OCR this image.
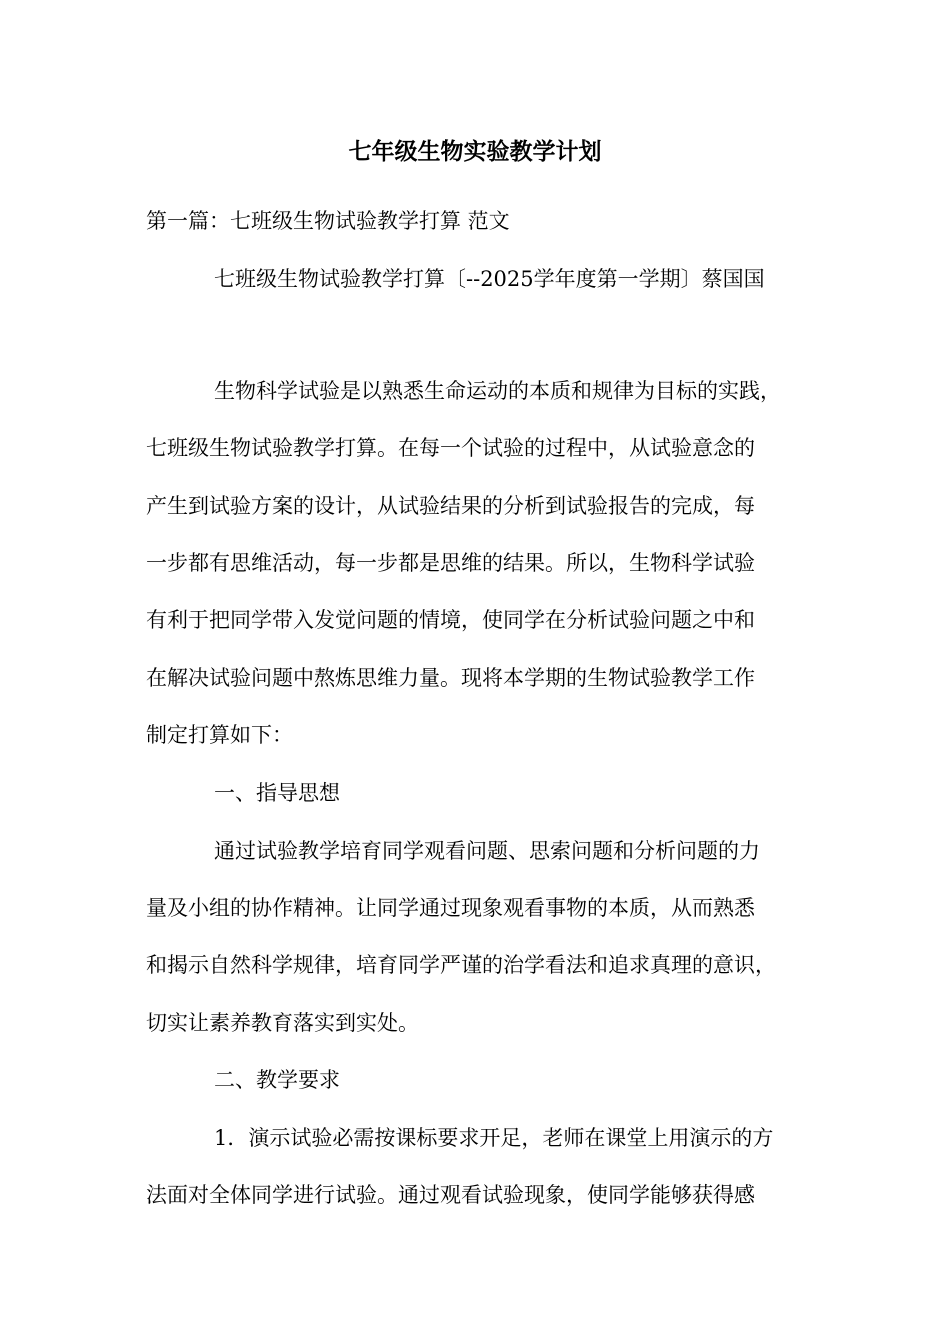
七年级生物实验教学计划

第一篇：七班级生物试验教学打算 范文

七班级生物试验教学打算〔--2025学年度第一学期〕蔡国国

生物科学试验是以熟悉生命运动的本质和规律为目标的实践，

七班级生物试验教学打算。在每一个试验的过程中，从试验意念的

产生到试验方案的设计，从试验结果的分析到试验报告的完成，每

一步都有思维活动，每一步都是思维的结果。所以，生物科学试验

有利于把同学带入发觉问题的情境，使同学在分析试验问题之中和

在解决试验问题中熬炼思维力量。现将本学期的生物试验教学工作

制定打算如下：

一、指导思想

通过试验教学培育同学观看问题、思索问题和分析问题的力

量及小组的协作精神。让同学通过现象观看事物的本质，从而熟悉

和揭示自然科学规律，培育同学严谨的治学看法和追求真理的意识，

切实让素养教育落实到实处。

二、教学要求

1．演示试验必需按课标要求开足，老师在课堂上用演示的方

法面对全体同学进行试验。通过观看试验现象，使同学能够获得感
